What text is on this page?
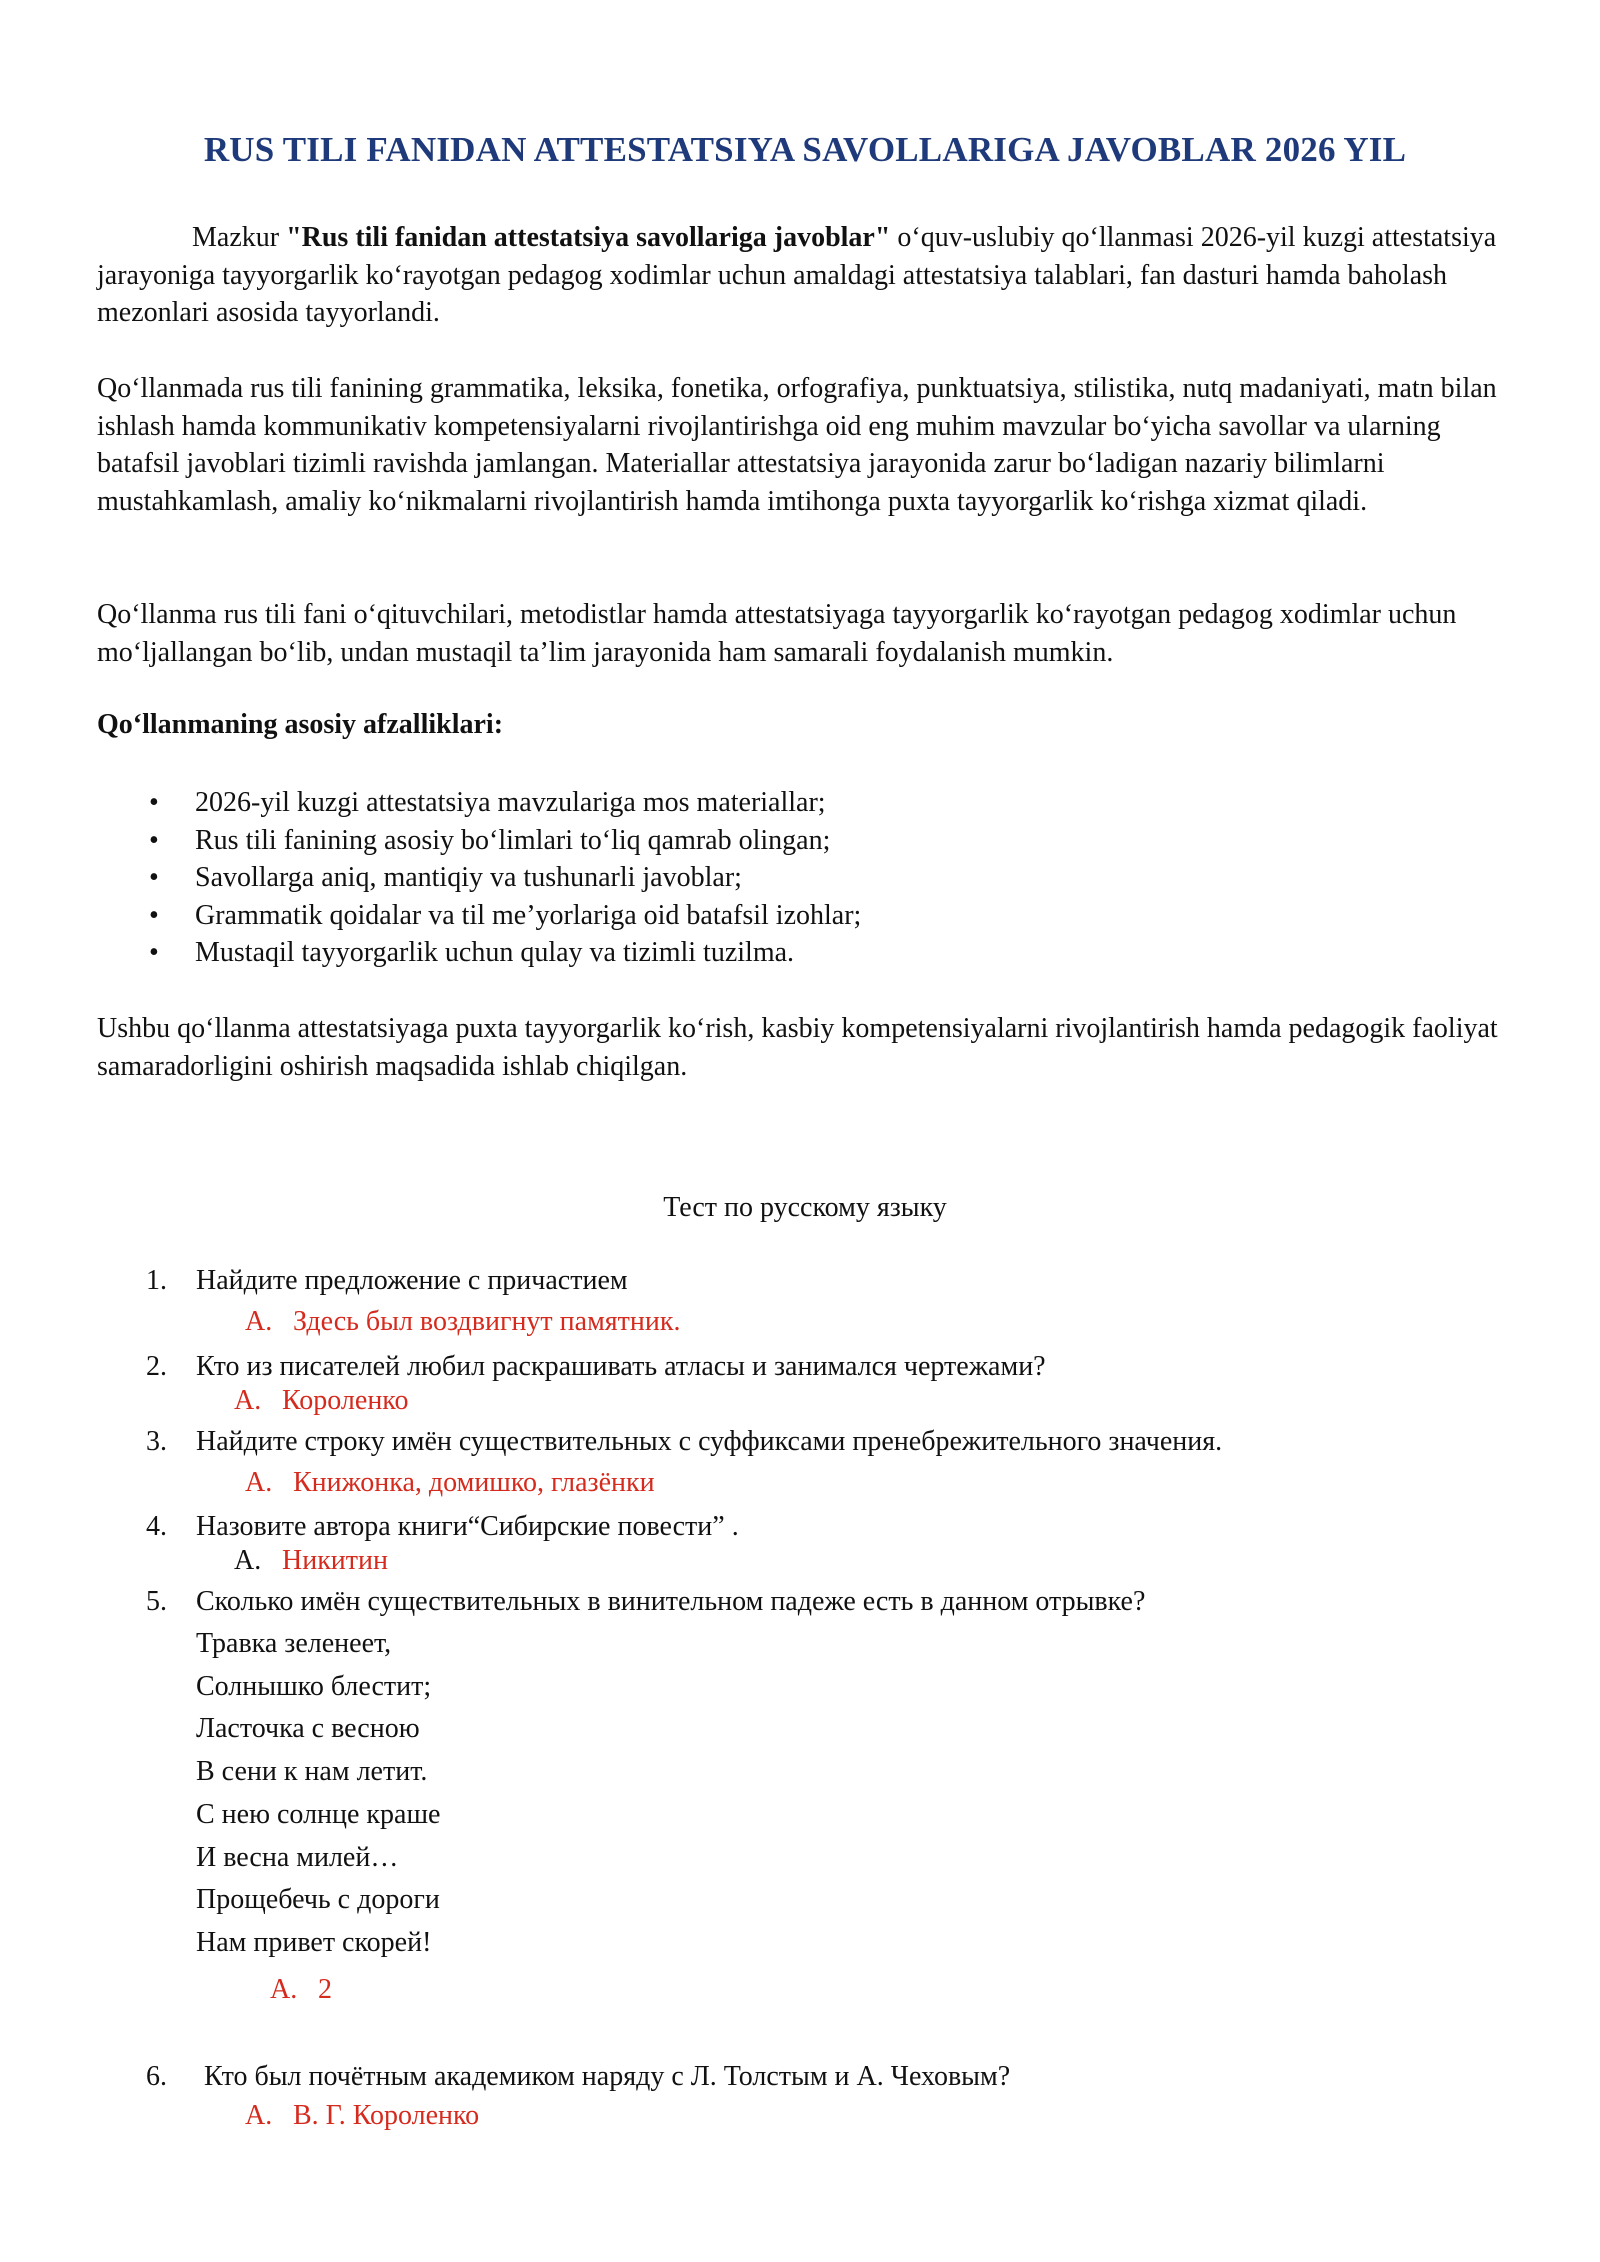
RUS TILI FANIDAN ATTESTATSIYA SAVOLLARIGA JAVOBLAR 2026 YIL

Mazkur "Rus tili fanidan attestatsiya savollariga javoblar" oʻquv-uslubiy qoʻllanmasi 2026-yil kuzgi attestatsiya jarayoniga tayyorgarlik koʻrayotgan pedagog xodimlar uchun amaldagi attestatsiya talablari, fan dasturi hamda baholash mezonlari asosida tayyorlandi.

Qoʻllanmada rus tili fanining grammatika, leksika, fonetika, orfografiya, punktuatsiya, stilistika, nutq madaniyati, matn bilan ishlash hamda kommunikativ kompetensiyalarni rivojlantirishga oid eng muhim mavzular boʻyicha savollar va ularning batafsil javoblari tizimli ravishda jamlangan. Materiallar attestatsiya jarayonida zarur boʻladigan nazariy bilimlarni mustahkamlash, amaliy koʻnikmalarni rivojlantirish hamda imtihonga puxta tayyorgarlik koʻrishga xizmat qiladi.

Qoʻllanma rus tili fani oʻqituvchilari, metodistlar hamda attestatsiyaga tayyorgarlik koʻrayotgan pedagog xodimlar uchun moʻljallangan boʻlib, undan mustaqil taʼlim jarayonida ham samarali foydalanish mumkin.

Qoʻllanmaning asosiy afzalliklari:
• 2026-yil kuzgi attestatsiya mavzulariga mos materiallar;
• Rus tili fanining asosiy boʻlimlari toʻliq qamrab olingan;
• Savollarga aniq, mantiqiy va tushunarli javoblar;
• Grammatik qoidalar va til meʼyorlariga oid batafsil izohlar;
• Mustaqil tayyorgarlik uchun qulay va tizimli tuzilma.

Ushbu qoʻllanma attestatsiyaga puxta tayyorgarlik koʻrish, kasbiy kompetensiyalarni rivojlantirish hamda pedagogik faoliyat samaradorligini oshirish maqsadida ishlab chiqilgan.

Тест по русскому языку
1. Найдите предложение с причастием
А. Здесь был воздвигнут памятник.
2. Кто из писателей любил раскрашивать атласы и занимался чертежами?
А. Короленко
3. Найдите строку имён существительных с суффиксами пренебрежительного значения.
А. Книжонка, домишко, глазёнки
4. Назовите автора книги“Сибирские повести” .
А. Никитин
5. Сколько имён существительных в винительном падеже есть в данном отрывке?
Травка зеленеет,
Солнышко блестит;
Ласточка с весною
В сени к нам летит.
С нею солнце краше
И весна милей…
Прощебечь с дороги
Нам привет скорей!
А. 2
6. Кто был почётным академиком наряду с Л. Толстым и А. Чеховым?
А. В. Г. Короленко
